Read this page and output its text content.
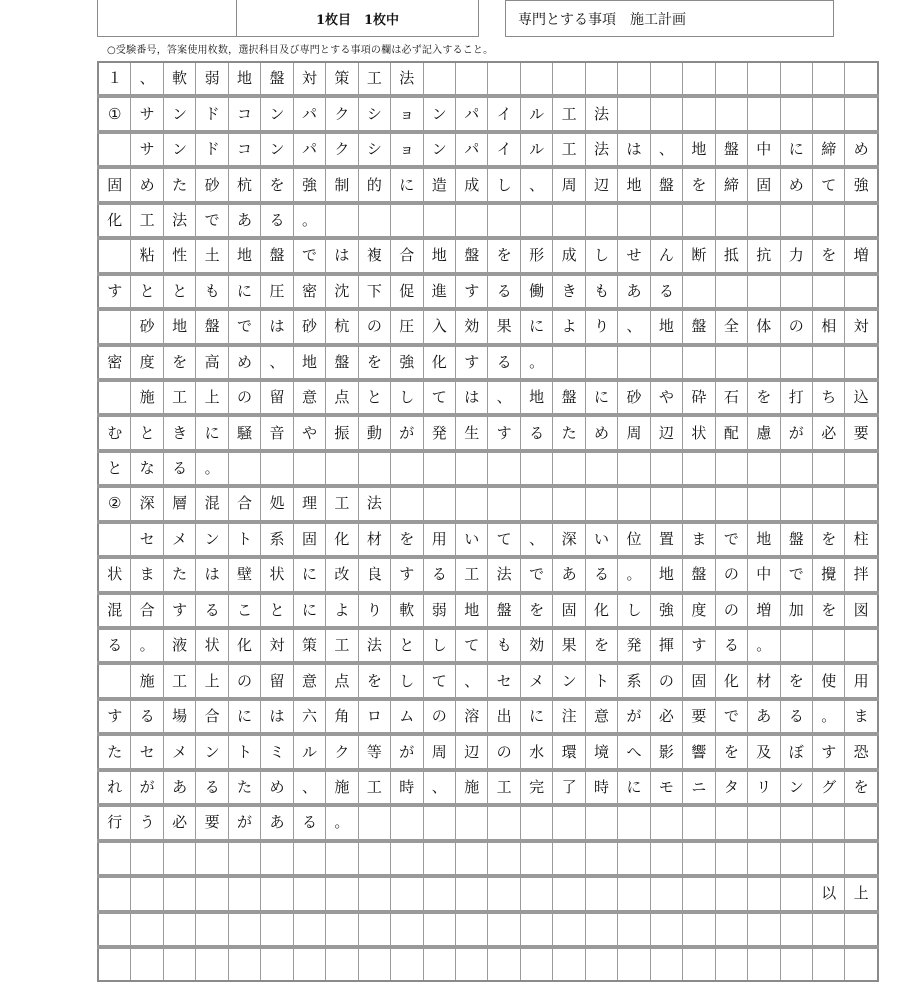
1枚目　1枚中	専門とする事項　施工計画
○受験番号，答案使用枚数，選択科目及び専門とする事項の欄は必ず記入すること。
１	、	軟	弱	地	盤	対	策	工	法														
①	サ	ン	ド	コ	ン	パ	ク	シ	ョ	ン	パ	イ	ル	工	法								
	サ	ン	ド	コ	ン	パ	ク	シ	ョ	ン	パ	イ	ル	工	法	は	、	地	盤	中	に	締	め
固	め	た	砂	杭	を	強	制	的	に	造	成	し	、	周	辺	地	盤	を	締	固	め	て	強
化	工	法	で	あ	る	。																	
	粘	性	土	地	盤	で	は	複	合	地	盤	を	形	成	し	せ	ん	断	抵	抗	力	を	増
す	と	と	も	に	圧	密	沈	下	促	進	す	る	働	き	も	あ	る						
	砂	地	盤	で	は	砂	杭	の	圧	入	効	果	に	よ	り	、	地	盤	全	体	の	相	対
密	度	を	高	め	、	地	盤	を	強	化	す	る	。										
	施	工	上	の	留	意	点	と	し	て	は	、	地	盤	に	砂	や	砕	石	を	打	ち	込
む	と	き	に	騒	音	や	振	動	が	発	生	す	る	た	め	周	辺	状	配	慮	が	必	要
と	な	る	。																				
②	深	層	混	合	処	理	工	法															
	セ	メ	ン	ト	系	固	化	材	を	用	い	て	、	深	い	位	置	ま	で	地	盤	を	柱
状	ま	た	は	壁	状	に	改	良	す	る	工	法	で	あ	る	。	地	盤	の	中	で	攪	拌
混	合	す	る	こ	と	に	よ	り	軟	弱	地	盤	を	固	化	し	強	度	の	増	加	を	図
る	。	液	状	化	対	策	工	法	と	し	て	も	効	果	を	発	揮	す	る	。			
	施	工	上	の	留	意	点	を	し	て	、	セ	メ	ン	ト	系	の	固	化	材	を	使	用
す	る	場	合	に	は	六	角	ロ	ム	の	溶	出	に	注	意	が	必	要	で	あ	る	。	ま
た	セ	メ	ン	ト	ミ	ル	ク	等	が	周	辺	の	水	環	境	へ	影	響	を	及	ぼ	す	恐
れ	が	あ	る	た	め	、	施	工	時	、	施	工	完	了	時	に	モ	ニ	タ	リ	ン	グ	を
行	う	必	要	が	あ	る	。																

																						以	上
